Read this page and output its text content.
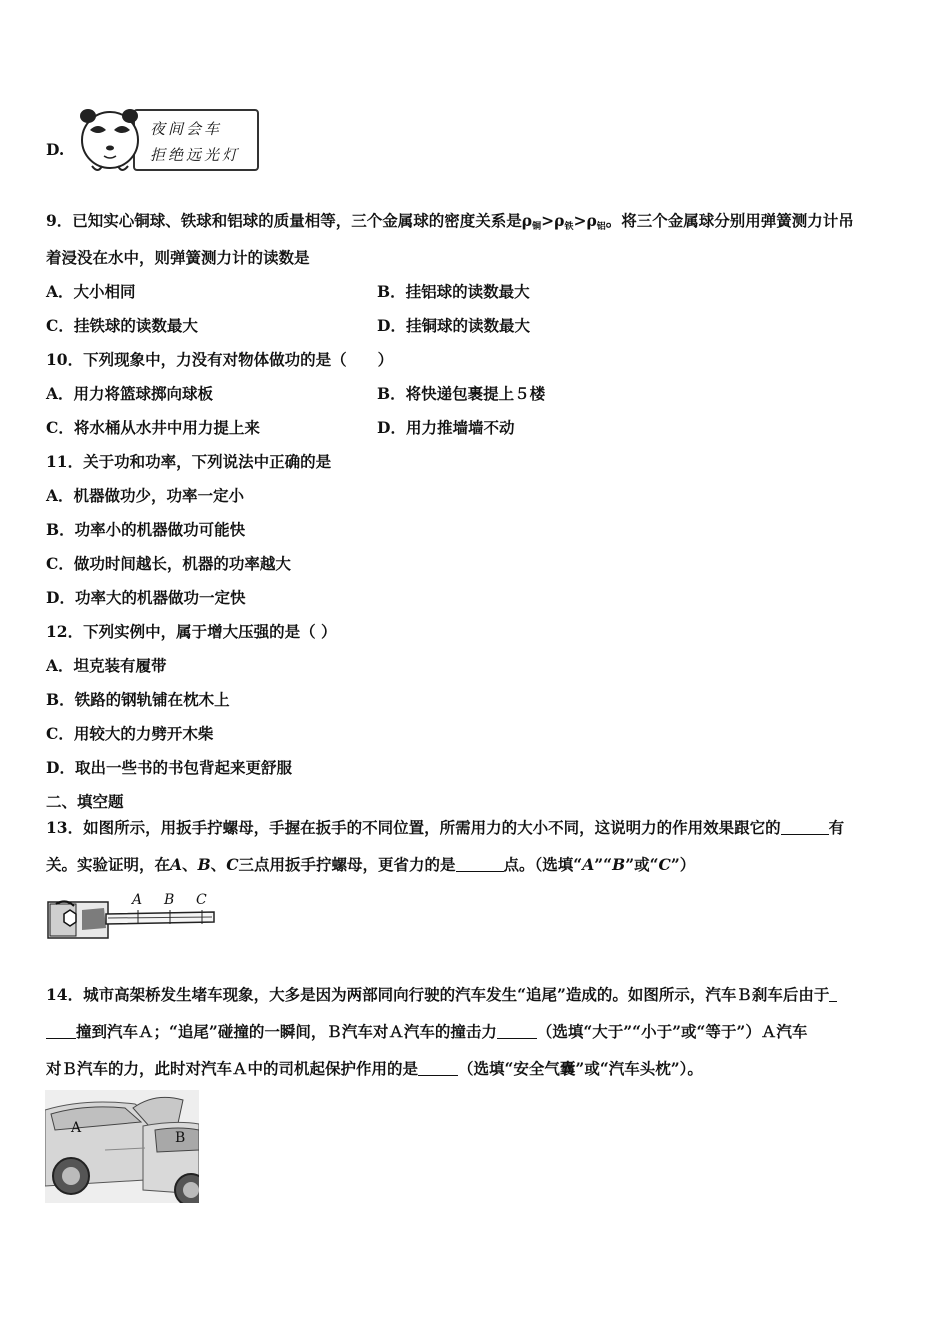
D.
夜间会车
拒绝远光灯
9．已知实心铜球、铁球和铝球的质量相等，三个金属球的密度关系是$\rho_铜>\rho_铁>\rho_铝$。将三个金属球分别用弹簧测力计吊
着浸没在水中，则弹簧测力计的读数是
A．大小相同	B．挂铝球的读数最大
C．挂铁球的读数最大	D．挂铜球的读数最大
10．下列现象中，力没有对物体做功的是（　　）
A．用力将篮球掷向球板	B．将快递包裹提上５楼
C．将水桶从水井中用力提上来	D．用力推墙墙不动
11．关于功和功率，下列说法中正确的是
A．机器做功少，功率一定小
B．功率小的机器做功可能快
C．做功时间越长，机器的功率越大
D．功率大的机器做功一定快
12．下列实例中，属于增大压强的是（ ）
A．坦克装有履带
B．铁路的钢轨铺在枕木上
C．用较大的力劈开木柴
D．取出一些书的书包背起来更舒服
二、填空题
13．如图所示，用扳手拧螺母，手握在扳手的不同位置，所需用力的大小不同，这说明力的作用效果跟它的	有
关。实验证明，在A、B、C三点用扳手拧螺母，更省力的是	点。（选填“A”“B”或“C”）
A B C
14．城市高架桥发生堵车现象，大多是因为两部同向行驶的汽车发生“追尾”造成的。如图所示，汽车Ｂ刹车后由于
撞到汽车Ａ；“追尾”碰撞的一瞬间，Ｂ汽车对Ａ汽车的撞击力	（选填“大于”“小于”或“等于”）Ａ汽车
对Ｂ汽车的力，此时对汽车Ａ中的司机起保护作用的是	（选填“安全气囊”或“汽车头枕”）。
A
B
